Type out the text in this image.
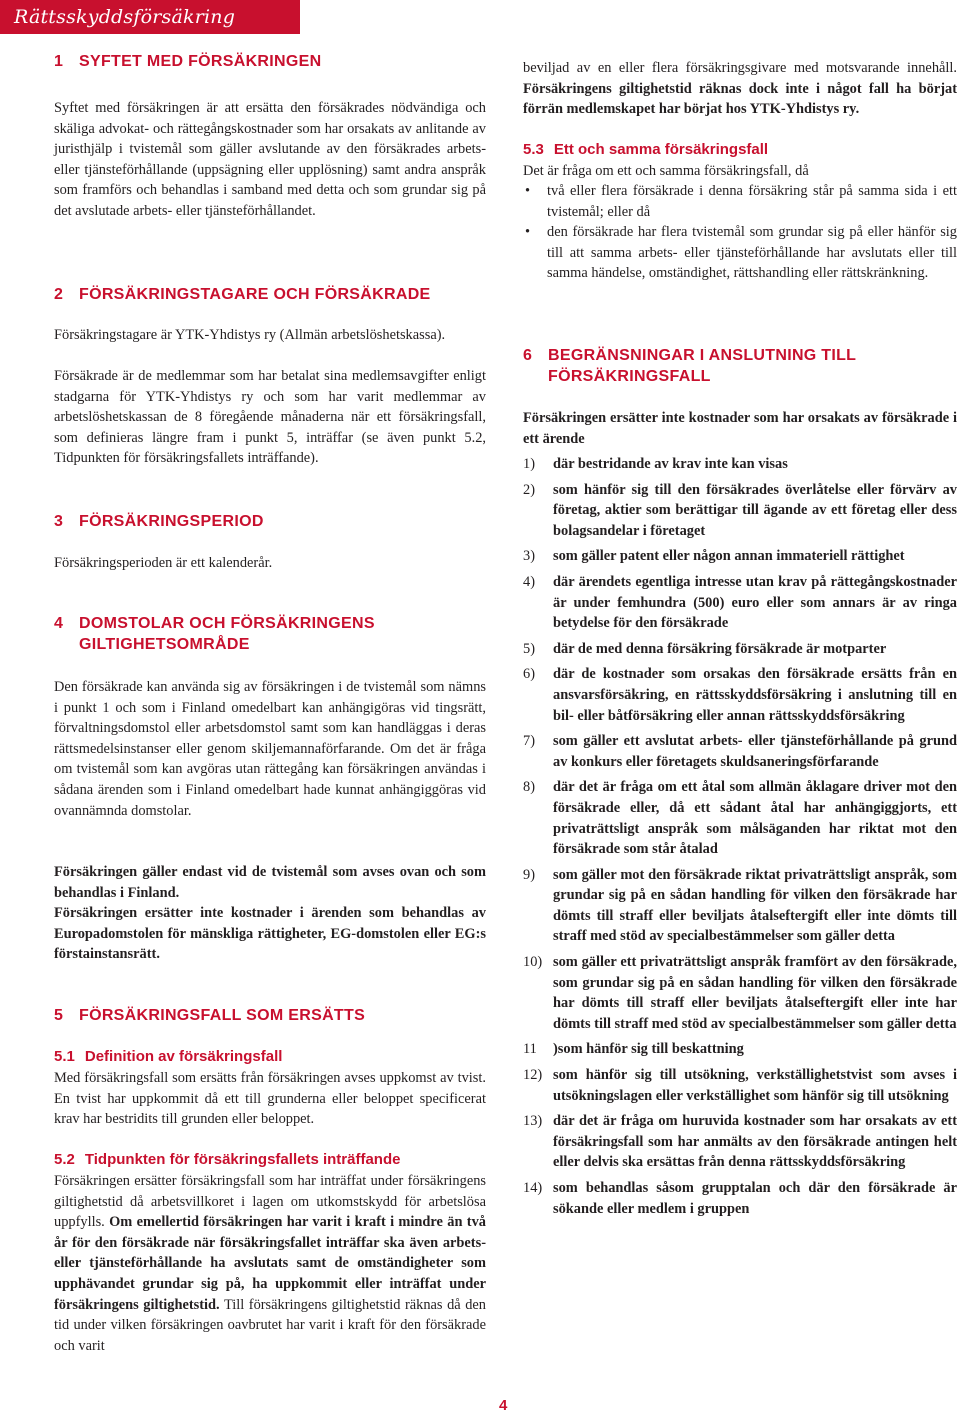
Rättsskyddsförsäkring
1 SYFTET MED FÖRSÄKRINGEN

Syftet med försäkringen är att ersätta den försäkrades nödvändiga och skäliga advokat- och rättegångskostnader som har orsakats av anlitande av juristhjälp i tvistemål som gäller avslutande av den försäkrades arbets- eller tjänsteförhållande (uppsägning eller upplösning) samt andra anspråk som framförs och behandlas i samband med detta och som grundar sig på det avslutade arbets- eller tjänsteförhållandet.

2 FÖRSÄKRINGSTAGARE OCH FÖRSÄKRADE

Försäkringstagare är YTK-Yhdistys ry (Allmän arbetslöshetskassa).

Försäkrade är de medlemmar som har betalat sina medlemsavgifter enligt stadgarna för YTK-Yhdistys ry och som har varit medlemmar av arbetslöshetskassan de 8 föregående månaderna när ett försäkringsfall, som definieras längre fram i punkt 5, inträffar (se även punkt 5.2, Tidpunkten för försäkringsfallets inträffande).

3 FÖRSÄKRINGSPERIOD

Försäkringsperioden är ett kalenderår.

4 DOMSTOLAR OCH FÖRSÄKRINGENS GILTIGHETSOMRÅDE

Den försäkrade kan använda sig av försäkringen i de tvistemål som nämns i punkt 1 och som i Finland omedelbart kan anhängigöras vid tingsrätt, förvaltningsdomstol eller arbetsdomstol samt som kan handläggas i deras rättsmedelsinstanser eller genom skiljemannaförfarande. Om det är fråga om tvistemål som kan avgöras utan rättegång kan försäkringen användas i sådana ärenden som i Finland omedelbart hade kunnat anhängiggöras vid ovannämnda domstolar.

Försäkringen gäller endast vid de tvistemål som avses ovan och som behandlas i Finland.

Försäkringen ersätter inte kostnader i ärenden som behandlas av Europadomstolen för mänskliga rättigheter, EG-domstolen eller EG:s förstainstansrätt.

5 FÖRSÄKRINGSFALL SOM ERSÄTTS
5.1 Definition av försäkringsfall

Med försäkringsfall som ersätts från försäkringen avses uppkomst av tvist. En tvist har uppkommit då ett till grunderna eller beloppet specificerat krav har bestridits till grunden eller beloppet.

5.2 Tidpunkten för försäkringsfallets inträffande

Försäkringen ersätter försäkringsfall som har inträffat under försäkringens giltighetstid då arbetsvillkoret i lagen om utkomstskydd för arbetslösa uppfylls. Om emellertid försäkringen har varit i kraft i mindre än två år för den försäkrade när försäkringsfallet inträffar ska även arbets- eller tjänsteförhållande ha avslutats samt de omständigheter som upphävandet grundar sig på, ha uppkommit eller inträffat under försäkringens giltighetstid. Till försäkringens giltighetstid räknas då den tid under vilken försäkringen oavbrutet har varit i kraft för den försäkrade och varit

beviljad av en eller flera försäkringsgivare med motsvarande innehåll. Försäkringens giltighetstid räknas dock inte i något fall ha börjat förrän medlemskapet har börjat hos YTK-Yhdistys ry.

5.3 Ett och samma försäkringsfall

Det är fråga om ett och samma försäkringsfall, då

• två eller flera försäkrade i denna försäkring står på samma sida i ett tvistemål; eller då
• den försäkrade har flera tvistemål som grundar sig på eller hänför sig till att samma arbets- eller tjänsteförhållande har avslutats eller till samma händelse, omständighet, rättshandling eller rättskränkning.
6 BEGRÄNSNINGAR I ANSLUTNING TILL FÖRSÄKRINGSFALL

Försäkringen ersätter inte kostnader som har orsakats av försäkrade i ett ärende

1) där bestridande av krav inte kan visas
2) som hänför sig till den försäkrades överlåtelse eller förvärv av företag, aktier som berättigar till ägande av ett företag eller dess bolagsandelar i företaget
3) som gäller patent eller någon annan immateriell rättighet
4) där ärendets egentliga intresse utan krav på rättegångskostnader är under femhundra (500) euro eller som annars är av ringa betydelse för den försäkrade
5) där de med denna försäkring försäkrade är motparter
6) där de kostnader som orsakas den försäkrade ersätts från en ansvarsförsäkring, en rättsskyddsförsäkring i anslutning till en bil- eller båtförsäkring eller annan rättsskyddsförsäkring
7) som gäller ett avslutat arbets- eller tjänsteförhållande på grund av konkurs eller företagets skuldsaneringsförfarande
8) där det är fråga om ett åtal som allmän åklagare driver mot den försäkrade eller, då ett sådant åtal har anhängiggjorts, ett privaträttsligt anspråk som målsäganden har riktat mot den försäkrade som står åtalad
9) som gäller mot den försäkrade riktat privaträttsligt anspråk, som grundar sig på en sådan handling för vilken den försäkrade har dömts till straff eller beviljats åtalseftergift eller inte dömts till straff med stöd av specialbestämmelser som gäller detta
10) som gäller ett privaträttsligt anspråk framfört av den försäkrade, som grundar sig på en sådan handling för vilken den försäkrade har dömts till straff eller beviljats åtalseftergift eller inte har dömts till straff med stöd av specialbestämmelser som gäller detta
11 )som hänför sig till beskattning
12) som hänför sig till utsökning, verkställighetstvist som avses i utsökningslagen eller verkställighet som hänför sig till utsökning
13) där det är fråga om huruvida kostnader som har orsakats av ett försäkringsfall som har anmälts av den försäkrade antingen helt eller delvis ska ersättas från denna rättsskyddsförsäkring
14) som behandlas såsom grupptalan och där den försäkrade är sökande eller medlem i gruppen
4
